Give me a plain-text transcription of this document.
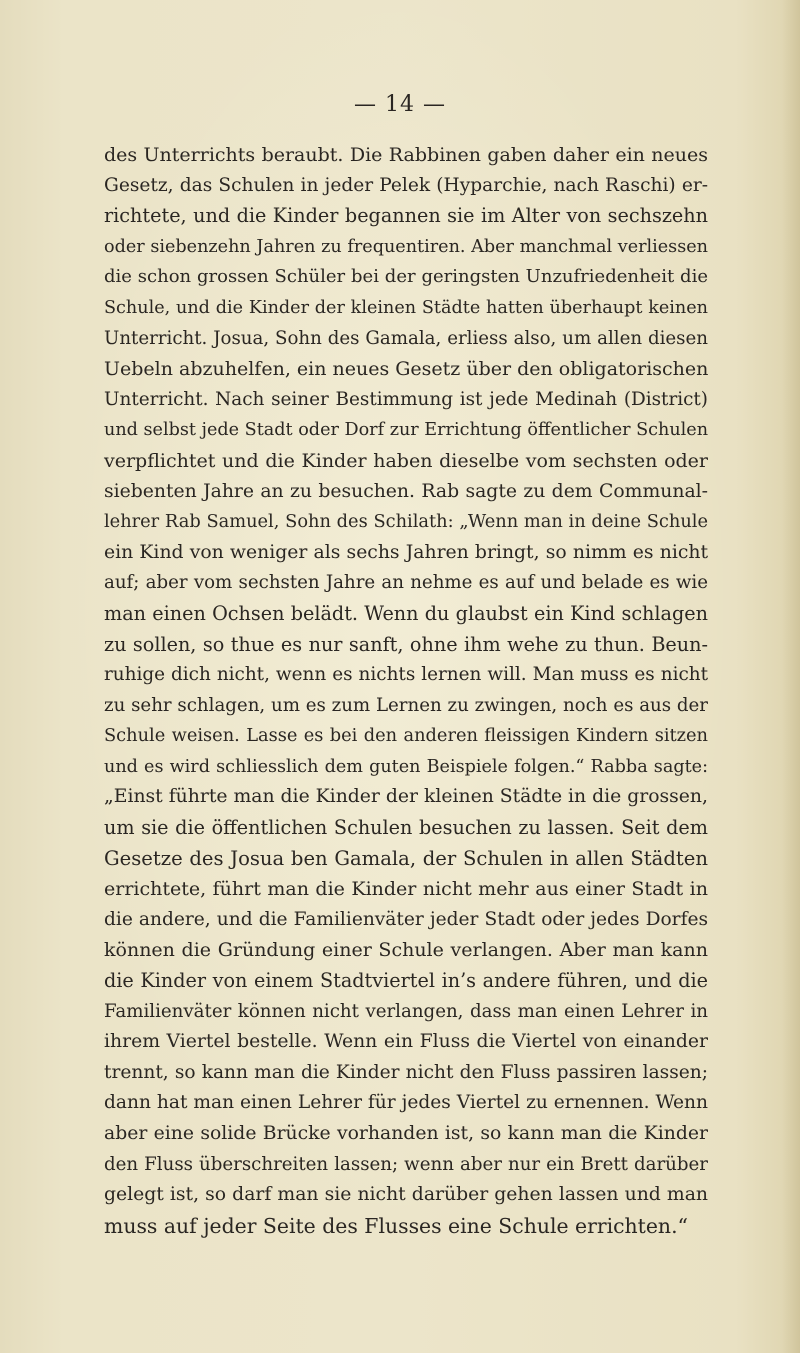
— 14 —
des Unterrichts beraubt. Die Rabbinen gaben daher ein neues
Gesetz, das Schulen in jeder Pelek (Hyparchie, nach Raschi) er-
richtete, und die Kinder begannen sie im Alter von sechszehn
oder siebenzehn Jahren zu frequentiren. Aber manchmal verliessen
die schon grossen Schüler bei der geringsten Unzufriedenheit die
Schule, und die Kinder der kleinen Städte hatten überhaupt keinen
Unterricht. Josua, Sohn des Gamala, erliess also, um allen diesen
Uebeln abzuhelfen, ein neues Gesetz über den obligatorischen
Unterricht. Nach seiner Bestimmung ist jede Medinah (District)
und selbst jede Stadt oder Dorf zur Errichtung öffentlicher Schulen
verpflichtet und die Kinder haben dieselbe vom sechsten oder
siebenten Jahre an zu besuchen. Rab sagte zu dem Communal-
lehrer Rab Samuel, Sohn des Schilath: „Wenn man in deine Schule
ein Kind von weniger als sechs Jahren bringt, so nimm es nicht
auf; aber vom sechsten Jahre an nehme es auf und belade es wie
man einen Ochsen belädt. Wenn du glaubst ein Kind schlagen
zu sollen, so thue es nur sanft, ohne ihm wehe zu thun. Beun-
ruhige dich nicht, wenn es nichts lernen will. Man muss es nicht
zu sehr schlagen, um es zum Lernen zu zwingen, noch es aus der
Schule weisen. Lasse es bei den anderen fleissigen Kindern sitzen
und es wird schliesslich dem guten Beispiele folgen.“ Rabba sagte:
„Einst führte man die Kinder der kleinen Städte in die grossen,
um sie die öffentlichen Schulen besuchen zu lassen. Seit dem
Gesetze des Josua ben Gamala, der Schulen in allen Städten
errichtete, führt man die Kinder nicht mehr aus einer Stadt in
die andere, und die Familienväter jeder Stadt oder jedes Dorfes
können die Gründung einer Schule verlangen. Aber man kann
die Kinder von einem Stadtviertel in’s andere führen, und die
Familienväter können nicht verlangen, dass man einen Lehrer in
ihrem Viertel bestelle. Wenn ein Fluss die Viertel von einander
trennt, so kann man die Kinder nicht den Fluss passiren lassen;
dann hat man einen Lehrer für jedes Viertel zu ernennen. Wenn
aber eine solide Brücke vorhanden ist, so kann man die Kinder
den Fluss überschreiten lassen; wenn aber nur ein Brett darüber
gelegt ist, so darf man sie nicht darüber gehen lassen und man
muss auf jeder Seite des Flusses eine Schule errichten.“
